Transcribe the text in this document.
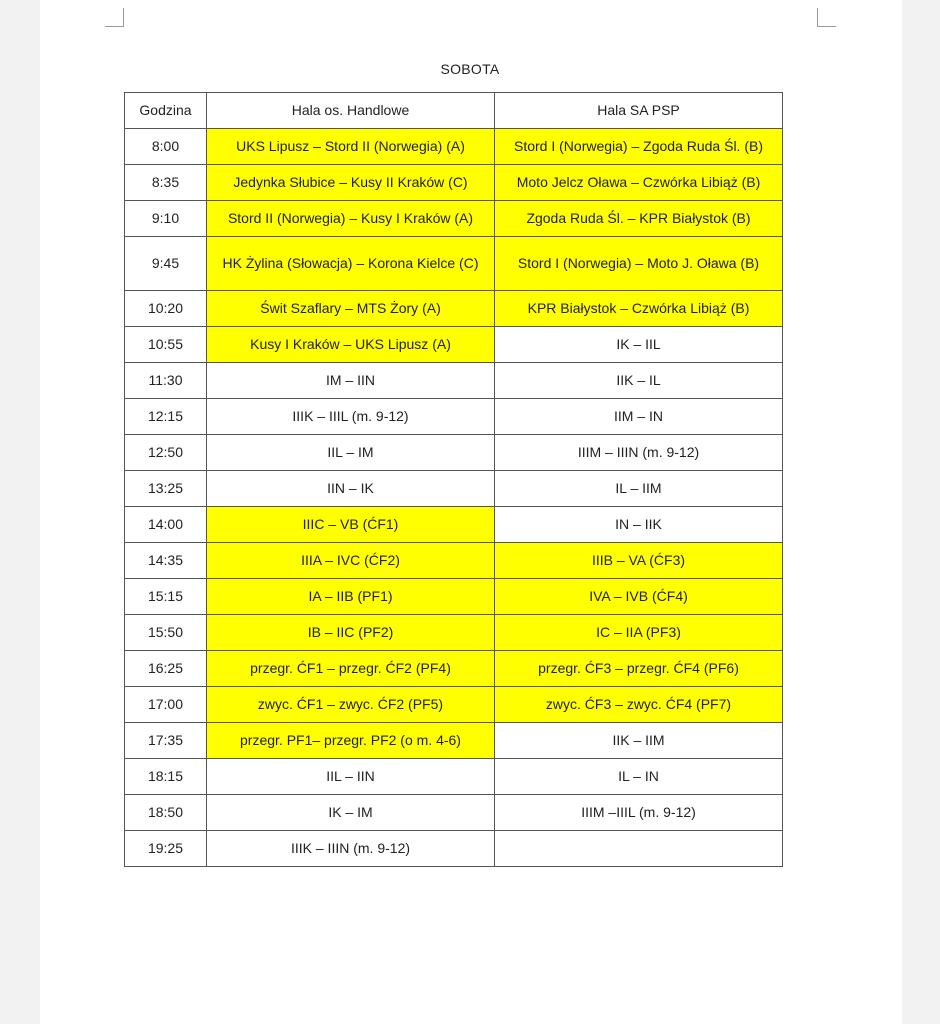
SOBOTA
Godzina	Hala os. Handlowe	Hala SA PSP
8:00	UKS Lipusz – Stord II (Norwegia) (A)	Stord I (Norwegia) – Zgoda Ruda Śl. (B)
8:35	Jedynka Słubice – Kusy II Kraków (C)	Moto Jelcz Oława – Czwórka Libiąż (B)
9:10	Stord II (Norwegia) – Kusy I Kraków (A)	Zgoda Ruda Śl. – KPR Białystok (B)
9:45	HK Żylina (Słowacja) – Korona Kielce (C)	Stord I (Norwegia) – Moto J. Oława (B)
10:20	Świt Szaflary – MTS Żory (A)	KPR Białystok – Czwórka Libiąż (B)
10:55	Kusy I Kraków – UKS Lipusz (A)	IK – IIL
11:30	IM – IIN	IIK – IL
12:15	IIIK – IIIL (m. 9-12)	IIM – IN
12:50	IIL – IM	IIIM – IIIN (m. 9-12)
13:25	IIN – IK	IL – IIM
14:00	IIIC – VB (ĆF1)	IN – IIK
14:35	IIIA – IVC (ĆF2)	IIIB – VA (ĆF3)
15:15	IA – IIB (PF1)	IVA – IVB (ĆF4)
15:50	IB – IIC (PF2)	IC – IIA (PF3)
16:25	przegr. ĆF1 – przegr. ĆF2 (PF4)	przegr. ĆF3 – przegr. ĆF4 (PF6)
17:00	zwyc. ĆF1 – zwyc. ĆF2 (PF5)	zwyc. ĆF3 – zwyc. ĆF4 (PF7)
17:35	przegr. PF1– przegr. PF2 (o m. 4-6)	IIK – IIM
18:15	IIL – IIN	IL – IN
18:50	IK – IM	IIIM –IIIL (m. 9-12)
19:25	IIIK – IIIN (m. 9-12)	
